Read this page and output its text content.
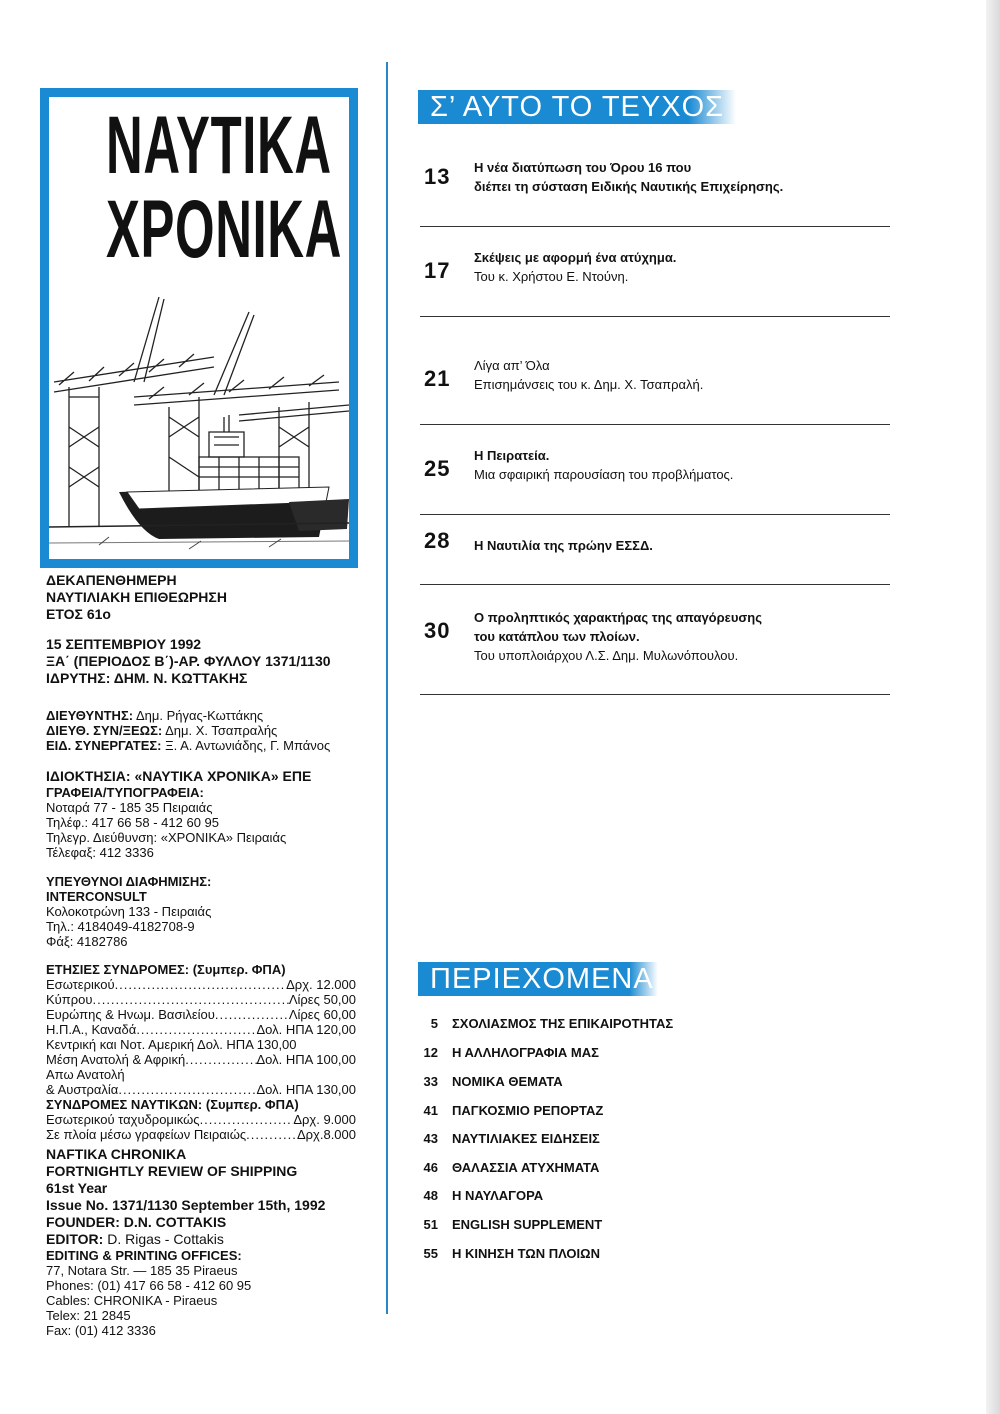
ΝΑΥΤΙΚΑ
ΧΡΟΝΙΚΑ
ΔΕΚΑΠΕΝΘΗΜΕΡΗ
ΝΑΥΤΙΛΙΑΚΗ ΕΠΙΘΕΩΡΗΣΗ
ΕΤΟΣ 61ο
15 ΣΕΠΤΕΜΒΡΙΟΥ 1992
ΞΑ΄ (ΠΕΡΙΟΔΟΣ Β΄)-ΑΡ. ΦΥΛΛΟΥ 1371/1130
ΙΔΡΥΤΗΣ: ΔΗΜ. Ν. ΚΩΤΤΑΚΗΣ
ΔΙΕΥΘΥΝΤΗΣ: Δημ. Ρήγας-Κωττάκης
ΔΙΕΥΘ. ΣΥΝ/ΞΕΩΣ: Δημ. Χ. Τσαπραλής
ΕΙΔ. ΣΥΝΕΡΓΑΤΕΣ: Ξ. Α. Αντωνιάδης, Γ. Μπάνος
ΙΔΙΟΚΤΗΣΙΑ: «ΝΑΥΤΙΚΑ ΧΡΟΝΙΚΑ» ΕΠΕ
ΓΡΑΦΕΙΑ/ΤΥΠΟΓΡΑΦΕΙΑ:
Νοταρά 77 - 185 35 Πειραιάς
Τηλέφ.: 417 66 58 - 412 60 95
Τηλεγρ. Διεύθυνση: «ΧΡΟΝΙΚΑ» Πειραιάς
Τέλεφαξ: 412 3336
ΥΠΕΥΘΥΝΟΙ ΔΙΑΦΗΜΙΣΗΣ:
INTERCONSULT
Κολοκοτρώνη 133 - Πειραιάς
Τηλ.: 4184049-4182708-9
Φάξ: 4182786
ΕΤΗΣΙΕΣ ΣΥΝΔΡΟΜΕΣ: (Συμπερ. ΦΠΑ)
Εσωτερικού .....	Δρχ. 12.000
Κύπρου .....	Λίρες 50,00
Ευρώπης & Ηνωμ. Βασιλείου .....	Λίρες 60,00
Η.Π.Α., Καναδά .....	Δολ. ΗΠΑ 120,00
Κεντρική και Νοτ. Αμερική Δολ. ΗΠΑ 130,00
Μέση Ανατολή & Αφρική .....	Δολ. ΗΠΑ 100,00
Απω Ανατολή
& Αυστραλία .....	Δολ. ΗΠΑ 130,00
ΣΥΝΔΡΟΜΕΣ ΝΑΥΤΙΚΩΝ: (Συμπερ. ΦΠΑ)
Εσωτερικού ταχυδρομικώς .....	Δρχ. 9.000
Σε πλοία μέσω γραφείων Πειραιώς .....	Δρχ.8.000
NAFTIKA CHRONIKA
FORTNIGHTLY REVIEW OF SHIPPING
61st Year
Issue No. 1371/1130 September 15th, 1992
FOUNDER: D.N. COTTAKIS
EDITOR: D. Rigas - Cottakis
EDITING & PRINTING OFFICES:
77, Notara Str. — 185 35 Piraeus
Phones: (01) 417 66 58 - 412 60 95
Cables: CHRONIKA - Piraeus
Telex: 21 2845
Fax: (01) 412 3336
Σ’ ΑΥΤΟ ΤΟ ΤΕΥΧΟΣ
13 Η νέα διατύπωση του Όρου 16 που
διέπει τη σύσταση Ειδικής Ναυτικής Επιχείρησης.
17
Σκέψεις με αφορμή ένα ατύχημα.
Του κ. Χρήστου Ε. Ντούνη.
21
Λίγα απ’ Όλα
Επισημάνσεις του κ. Δημ. Χ. Τσαπραλή.
25
Η Πειρατεία.
Μια σφαιρική παρουσίαση του προβλήματος.
28 Η Ναυτιλία της πρώην ΕΣΣΔ.
30
Ο προληπτικός χαρακτήρας της απαγόρευσης
του κατάπλου των πλοίων.
Του υποπλοιάρχου Λ.Σ. Δημ. Μυλωνόπουλου.
ΠΕΡΙΕΧΟΜΕΝΑ
5 ΣΧΟΛΙΑΣΜΟΣ ΤΗΣ ΕΠΙΚΑΙΡΟΤΗΤΑΣ
12 Η ΑΛΛΗΛΟΓΡΑΦΙΑ ΜΑΣ
33 ΝΟΜΙΚΑ ΘΕΜΑΤΑ
41 ΠΑΓΚΟΣΜΙΟ ΡΕΠΟΡΤΑΖ
43 ΝΑΥΤΙΛΙΑΚΕΣ ΕΙΔΗΣΕΙΣ
46 ΘΑΛΑΣΣΙΑ ΑΤΥΧΗΜΑΤΑ
48 Η ΝΑΥΛΑΓΟΡΑ
51 ENGLISH SUPPLEMENT
55 Η ΚΙΝΗΣΗ ΤΩΝ ΠΛΟΙΩΝ
